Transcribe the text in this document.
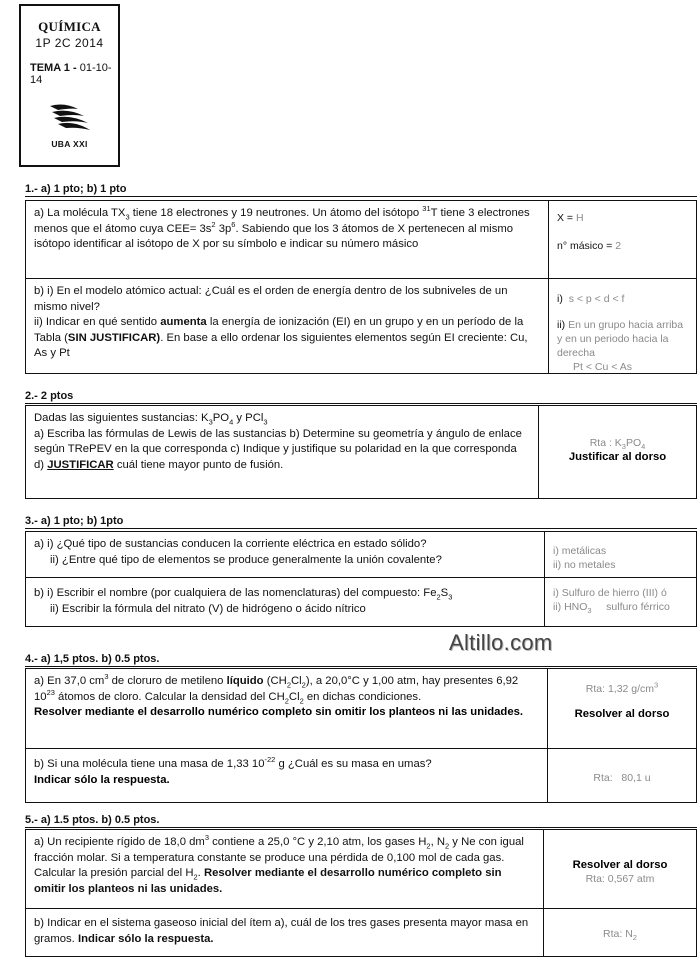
QUÍMICA
1P 2C 2014
TEMA 1 - 01-10-14
UBA XXI
1.- a) 1 pto; b) 1 pto
a) La molécula $TX_3$ tiene 18 electrones y 19 neutrones. Un átomo del isótopo $^{31}$T tiene 3 electrones menos que el átomo cuya $CEE= 3s^2$ $3p^6$. Sabiendo que los 3 átomos de X pertenecen al mismo isótopo identificar al isótopo de X por su símbolo e indicar su número másico
X = H
n° másico = 2
b) i) En el modelo atómico actual: ¿Cuál es el orden de energía dentro de los subniveles de un mismo nivel?
ii) Indicar en qué sentido aumenta la energía de ionización (EI) en un grupo y en un período de la Tabla (SIN JUSTIFICAR). En base a ello ordenar los siguientes elementos según EI creciente: Cu, As y Pt
i) s < p < d < f
ii) En un grupo hacia arriba y en un periodo hacia la derecha
Pt < Cu < As
2.- 2 ptos
Dadas las siguientes sustancias: $K_3PO_4$ y PCl$_3$
a) Escriba las fórmulas de Lewis de las sustancias b) Determine su geometría y ángulo de enlace según TRePEV en la que corresponda c) Indique y justifique su polaridad en la que corresponda
d) JUSTIFICAR cuál tiene mayor punto de fusión.
Rta : $K_3PO_4$
Justificar al dorso
3.- a) 1 pto; b) 1pto
a) i) ¿Qué tipo de sustancias conducen la corriente eléctrica en estado sólido?
ii) ¿Entre qué tipo de elementos se produce generalmente la unión covalente?
i) metálicas
ii) no metales
b) i) Escribir el nombre (por cualquiera de las nomenclaturas) del compuesto: $Fe_2S_3$
ii) Escribir la fórmula del nitrato (V) de hidrógeno o ácido nítrico
i) Sulfuro de hierro (III) ó
ii) $HNO_3$     sulfuro férrico
Altillo.com
4.- a) 1,5 ptos. b) 0.5 ptos.
a) En 37,0 $cm^3$ de cloruro de metileno líquido $(CH_2Cl_2)$, a 20,0°C y 1,00 atm, hay presentes 6,92 $10^{23}$ átomos de cloro. Calcular la densidad del $CH_2Cl_2$ en dichas condiciones.
Resolver mediante el desarrollo numérico completo sin omitir los planteos ni las unidades.
Rta: 1,32 $g/cm^3$
Resolver al dorso
b) Si una molécula tiene una masa de 1,33 $10^{-22}$ g ¿Cuál es su masa en umas?
Indicar sólo la respuesta.	Rta:   80,1 u
5.- a) 1.5 ptos. b) 0.5 ptos.
a) Un recipiente rígido de 18,0 $dm^3$ contiene a 25,0 °C y 2,10 atm, los gases $H_2$, $N_2$ y Ne con igual fracción molar. Si a temperatura constante se produce una pérdida de 0,100 mol de cada gas. Calcular la presión parcial del $H_2$. Resolver mediante el desarrollo numérico completo sin omitir los planteos ni las unidades.
Resolver al dorso
Rta: 0,567 atm
b) Indicar en el sistema gaseoso inicial del ítem a), cuál de los tres gases presenta mayor masa en gramos. Indicar sólo la respuesta.	Rta: $N_2$
